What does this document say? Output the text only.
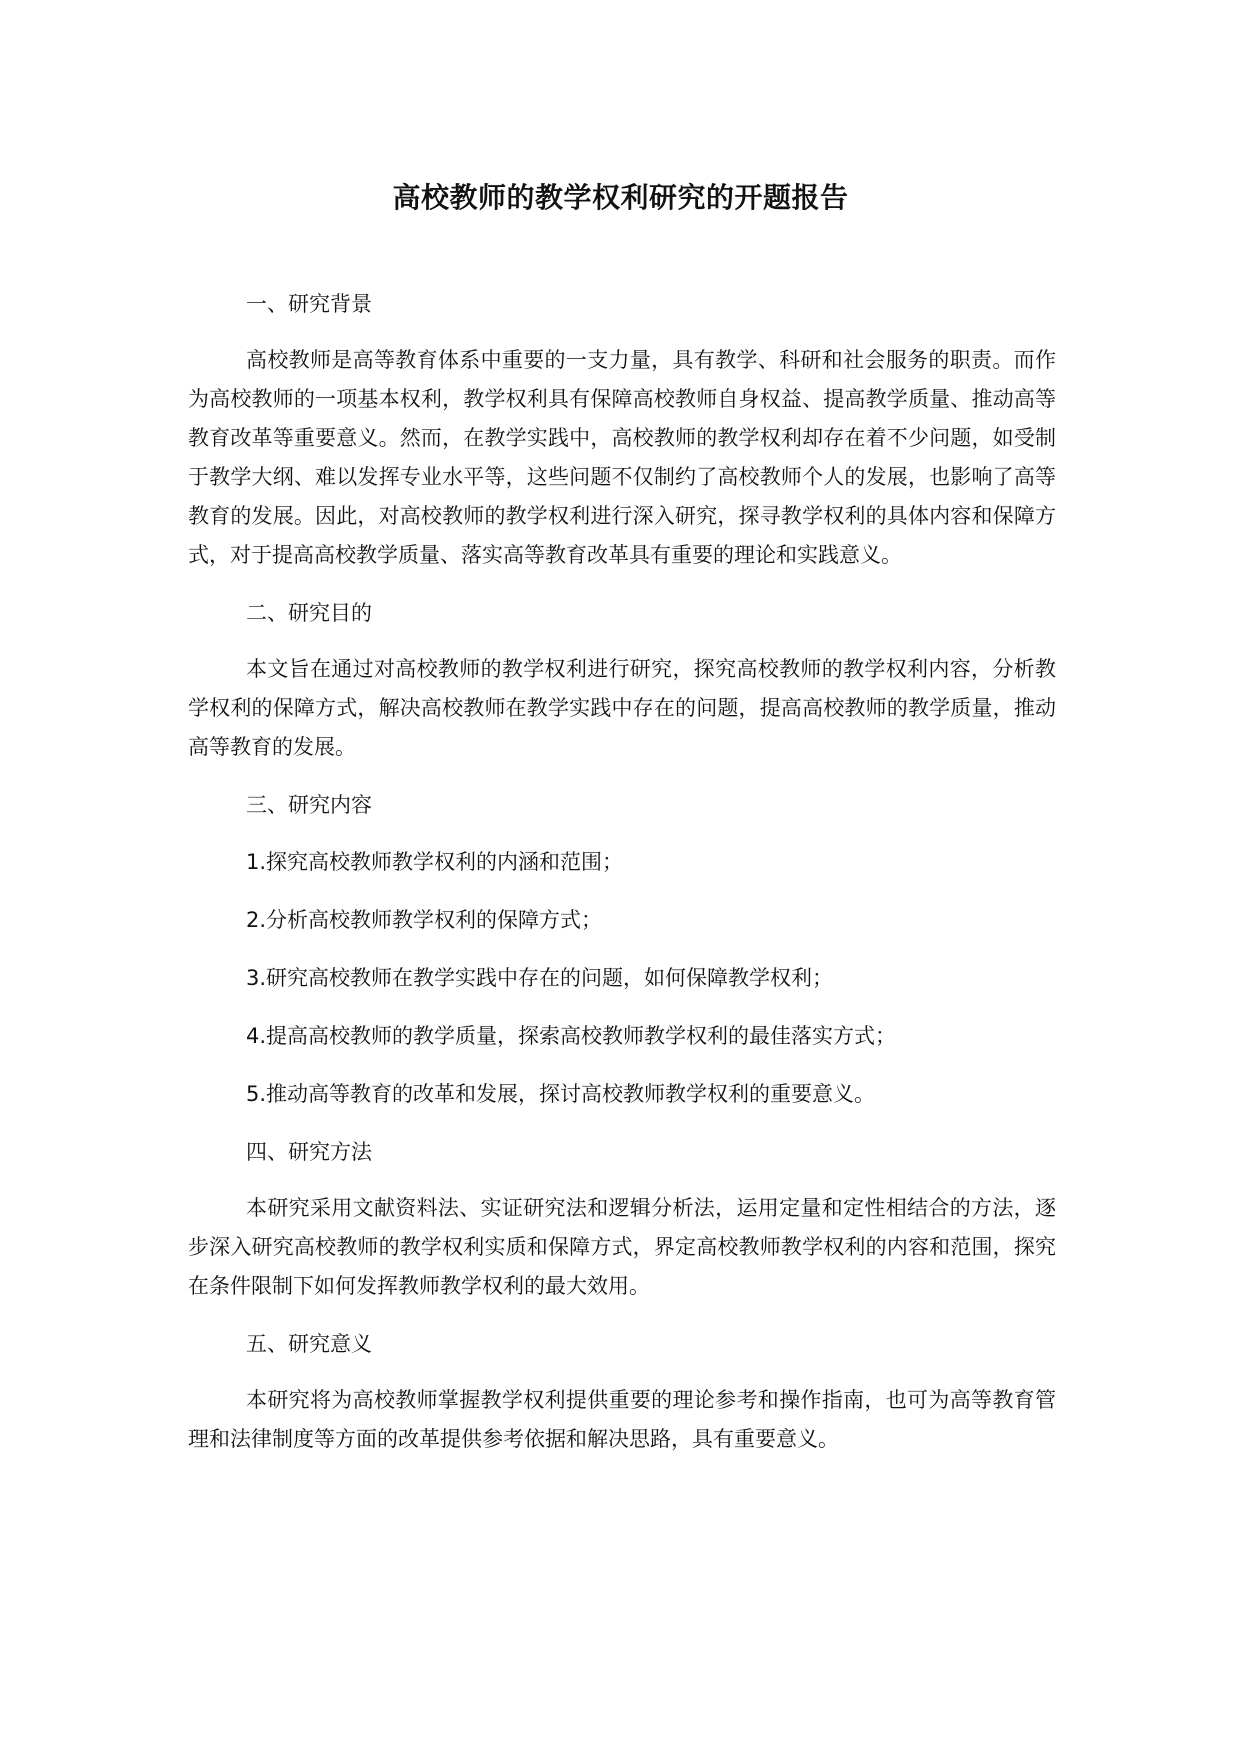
高校教师的教学权利研究的开题报告

一、研究背景

高校教师是高等教育体系中重要的一支力量，具有教学、科研和社会服务的职责。而作为高校教师的一项基本权利，教学权利具有保障高校教师自身权益、提高教学质量、推动高等教育改革等重要意义。然而，在教学实践中，高校教师的教学权利却存在着不少问题，如受制于教学大纲、难以发挥专业水平等，这些问题不仅制约了高校教师个人的发展，也影响了高等教育的发展。因此，对高校教师的教学权利进行深入研究，探寻教学权利的具体内容和保障方式，对于提高高校教学质量、落实高等教育改革具有重要的理论和实践意义。

二、研究目的

本文旨在通过对高校教师的教学权利进行研究，探究高校教师的教学权利内容，分析教学权利的保障方式，解决高校教师在教学实践中存在的问题，提高高校教师的教学质量，推动高等教育的发展。

三、研究内容

1.探究高校教师教学权利的内涵和范围；

2.分析高校教师教学权利的保障方式；

3.研究高校教师在教学实践中存在的问题，如何保障教学权利；

4.提高高校教师的教学质量，探索高校教师教学权利的最佳落实方式；

5.推动高等教育的改革和发展，探讨高校教师教学权利的重要意义。

四、研究方法

本研究采用文献资料法、实证研究法和逻辑分析法，运用定量和定性相结合的方法，逐步深入研究高校教师的教学权利实质和保障方式，界定高校教师教学权利的内容和范围，探究在条件限制下如何发挥教师教学权利的最大效用。

五、研究意义

本研究将为高校教师掌握教学权利提供重要的理论参考和操作指南，也可为高等教育管理和法律制度等方面的改革提供参考依据和解决思路，具有重要意义。
